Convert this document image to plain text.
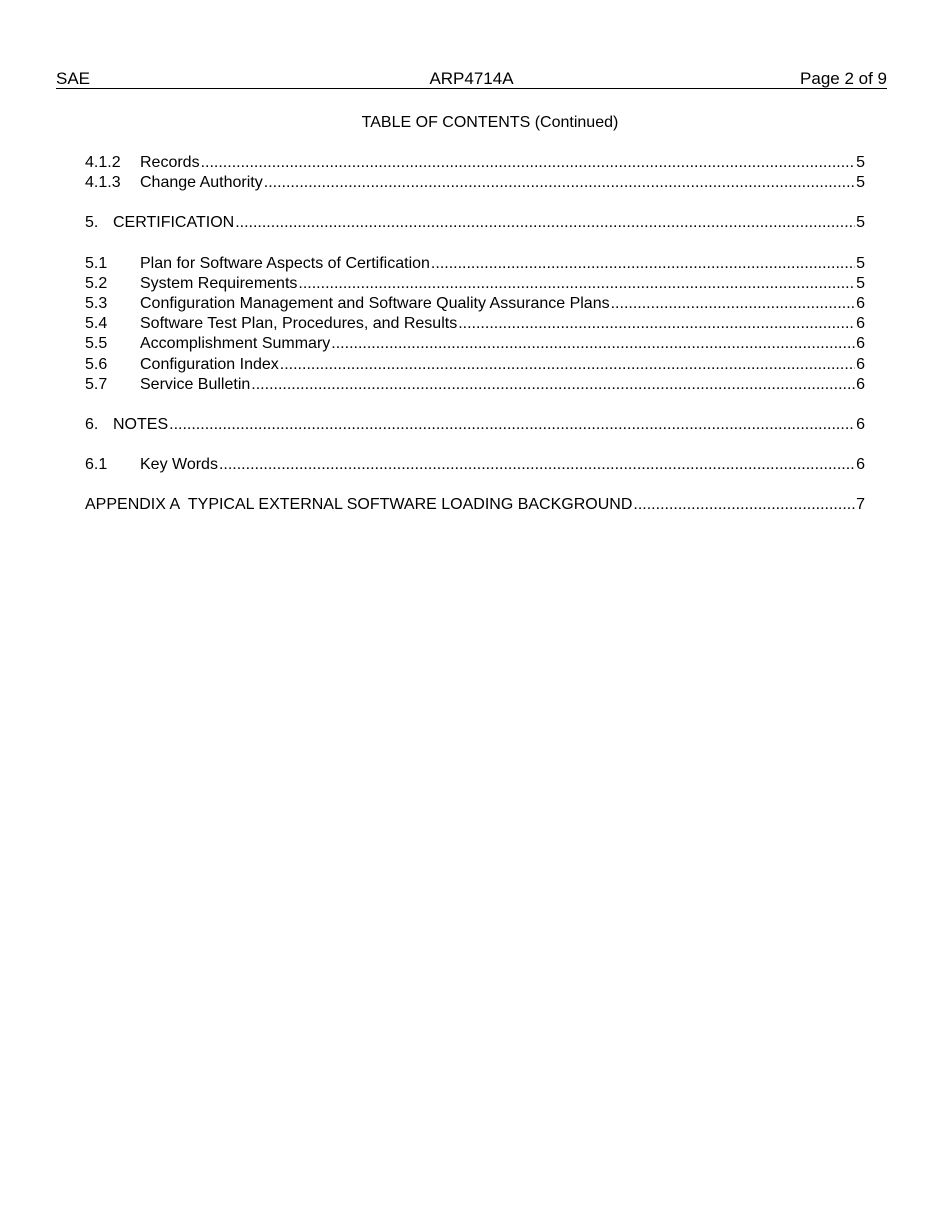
SAE	ARP4714A	Page 2 of 9
TABLE OF CONTENTS (Continued)
4.1.2	Records .....	5
4.1.3	Change Authority .....	5
5. CERTIFICATION .....	5
5.1	Plan for Software Aspects of Certification .....	5
5.2	System Requirements .....	5
5.3	Configuration Management and Software Quality Assurance Plans .....	6
5.4	Software Test Plan, Procedures, and Results .....	6
5.5	Accomplishment Summary .....	6
5.6	Configuration Index .....	6
5.7	Service Bulletin .....	6
6. NOTES .....	6
6.1	Key Words .....	6
APPENDIX A  TYPICAL EXTERNAL SOFTWARE LOADING BACKGROUND .....	7
